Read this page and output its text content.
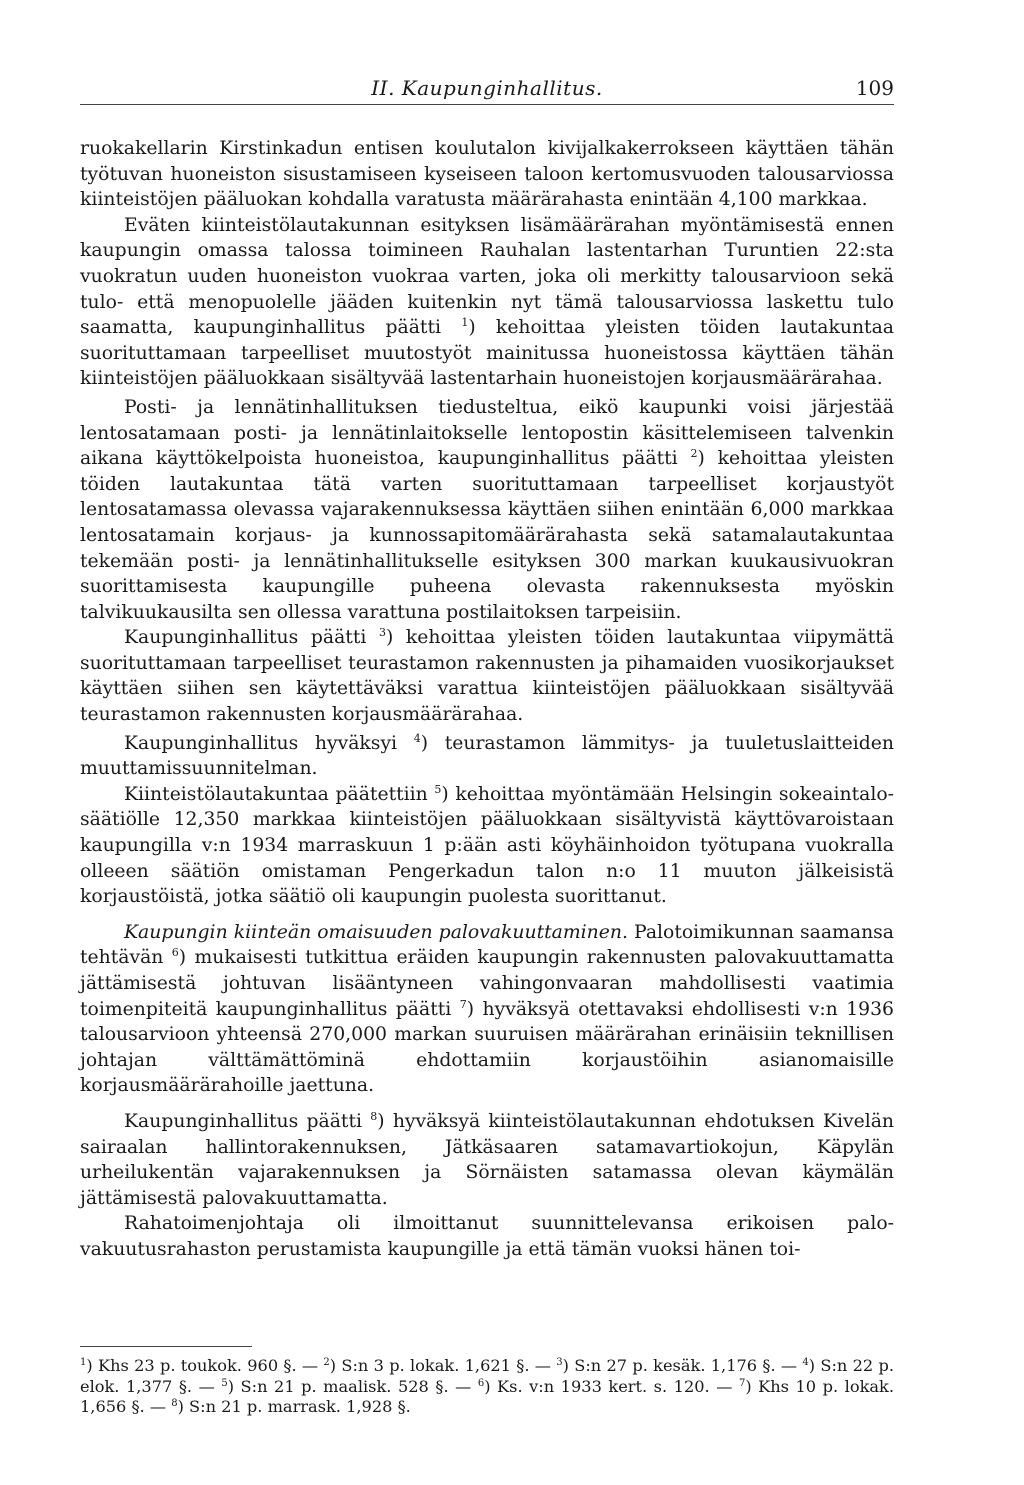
II. Kaupunginhallitus.	109

ruokakellarin Kirstinkadun entisen koulutalon kivijalkakerrokseen käyttäen tähän työtuvan huoneiston sisustamiseen kyseiseen taloon kertomusvuoden talousarviossa kiinteistöjen pääluokan kohdalla varatusta määrärahasta enintään 4,100 markkaa.

Eväten kiinteistölautakunnan esityksen lisämäärärahan myöntämisestä ennen kaupungin omassa talossa toimineen Rauhalan lastentarhan Turuntien 22:sta vuokratun uuden huoneiston vuokraa varten, joka oli merkitty talousarvioon sekä tulo- että menopuolelle jääden kuitenkin nyt tämä talousarviossa laskettu tulo saamatta, kaupunginhallitus päätti $^1$) kehoittaa yleisten töiden lautakuntaa suorituttamaan tarpeelliset muutostyöt mainitussa huoneistossa käyttäen tähän kiinteistöjen pääluokkaan sisältyvää lastentarhain huoneistojen korjausmäärärahaa.

Posti- ja lennätinhallituksen tiedusteltua, eikö kaupunki voisi järjestää lentosatamaan posti- ja lennätinlaitokselle lentopostin käsittelemiseen talvenkin aikana käyttökelpoista huoneistoa, kaupunginhallitus päätti $^2$) kehoittaa yleisten töiden lautakuntaa tätä varten suorituttamaan tarpeelliset korjaustyöt lentosatamassa olevassa vajarakennuksessa käyttäen siihen enintään 6,000 markkaa lentosatamain korjaus- ja kunnossapitomäärärahasta sekä satamalautakuntaa tekemään posti- ja lennätinhallitukselle esityksen 300 markan kuukausivuokran suorittamisesta kaupungille puheena olevasta rakennuksesta myöskin talvikuukausilta sen ollessa varattuna postilaitoksen tarpeisiin.

Kaupunginhallitus päätti $^3$) kehoittaa yleisten töiden lautakuntaa viipymättä suorituttamaan tarpeelliset teurastamon rakennusten ja pihamaiden vuosikorjaukset käyttäen siihen sen käytettäväksi varattua kiinteistöjen pääluokkaan sisältyvää teurastamon rakennusten korjausmäärärahaa.

Kaupunginhallitus hyväksyi $^4$) teurastamon lämmitys- ja tuuletuslaitteiden muuttamissuunnitelman.

Kiinteistölautakuntaa päätettiin $^5$) kehoittaa myöntämään Helsingin sokeaintalo-säätiölle 12,350 markkaa kiinteistöjen pääluokkaan sisältyvistä käyttövaroistaan kaupungilla v:n 1934 marraskuun 1 p:ään asti köyhäinhoidon työtupana vuokralla olleeen säätiön omistaman Pengerkadun talon n:o 11 muuton jälkeisistä korjaustöistä, jotka säätiö oli kaupungin puolesta suorittanut.

Kaupungin kiinteän omaisuuden palovakuuttaminen. Palotoimikunnan saamansa tehtävän $^6$) mukaisesti tutkittua eräiden kaupungin rakennusten palovakuuttamatta jättämisestä johtuvan lisääntyneen vahingonvaaran mahdollisesti vaatimia toimenpiteitä kaupunginhallitus päätti $^7$) hyväksyä otettavaksi ehdollisesti v:n 1936 talousarvioon yhteensä 270,000 markan suuruisen määrärahan erinäisiin teknillisen johtajan välttämättöminä ehdottamiin korjaustöihin asianomaisille korjausmäärärahoille jaettuna.

Kaupunginhallitus päätti $^8$) hyväksyä kiinteistölautakunnan ehdotuksen Kivelän sairaalan hallintorakennuksen, Jätkäsaaren satamavartiokojun, Käpylän urheilukentän vajarakennuksen ja Sörnäisten satamassa olevan käymälän jättämisestä palovakuuttamatta.

Rahatoimenjohtaja oli ilmoittanut suunnittelevansa erikoisen palovakuutusrahaston perustamista kaupungille ja että tämän vuoksi hänen toi-

$^1$) Khs 23 p. toukok. 960 §. — $^2$) S:n 3 p. lokak. 1,621 §. — $^3$) S:n 27 p. kesäk. 1,176 §. — $^4$) S:n 22 p. elok. 1,377 §. — $^5$) S:n 21 p. maalisk. 528 §. — $^6$) Ks. v:n 1933 kert. s. 120. — $^7$) Khs 10 p. lokak. 1,656 §. — $^8$) S:n 21 p. marrask. 1,928 §.
